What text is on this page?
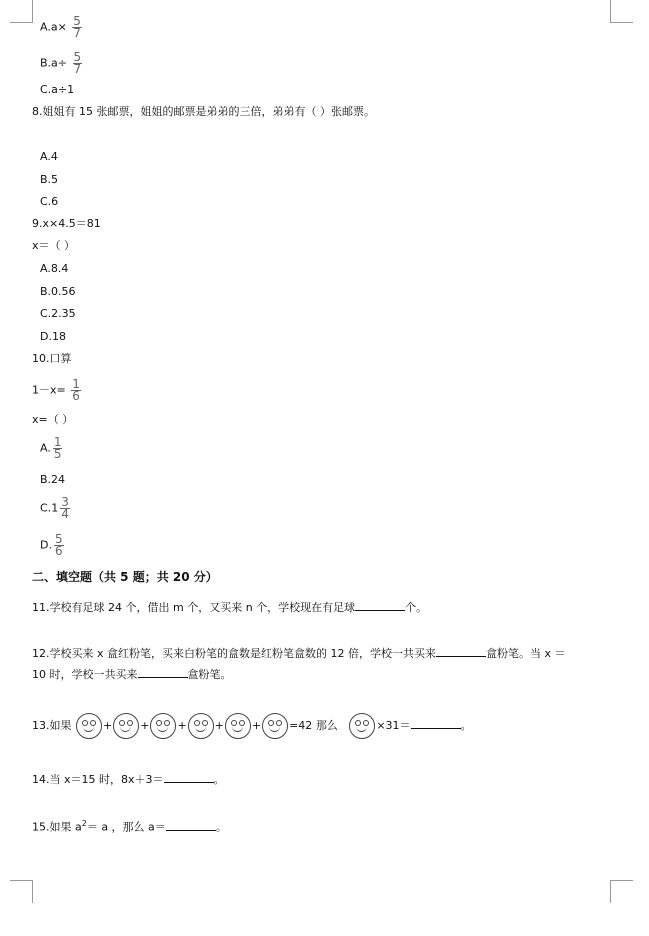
$A.a\times \frac{5}{7}$
$B.a\div \frac{5}{7}$
C.a÷1
8.姐姐有 15 张邮票，姐姐的邮票是弟弟的三倍，弟弟有（ ）张邮票。
A.4
B.5
C.6
9.x×4.5＝81
x＝（ ）
A.8.4
B.0.56
C.2.35
D.18
10.口算
$1-x= \frac{1}{6}$
x=（ ）
A. $\frac{1}{5}$
B.24
$C.1 \frac{3}{4}$
D. $\frac{5}{6}$
二、填空题（共 5 题；共 20 分）
11.学校有足球 24 个，借出 m 个，又买来 n 个，学校现在有足球	个。
12.学校买来 x 盒红粉笔，买来白粉笔的盒数是红粉笔盒数的 12 倍，学校一共买来	盒粉笔。当 x ＝
10 时，学校一共买来	盒粉笔。
13.如果	+	+	+	+	+	=42 那么	×31＝	。
14.当 x＝15 时，8x＋3＝	。
15.如果 $a^2= a$ ，那么 a＝	。
